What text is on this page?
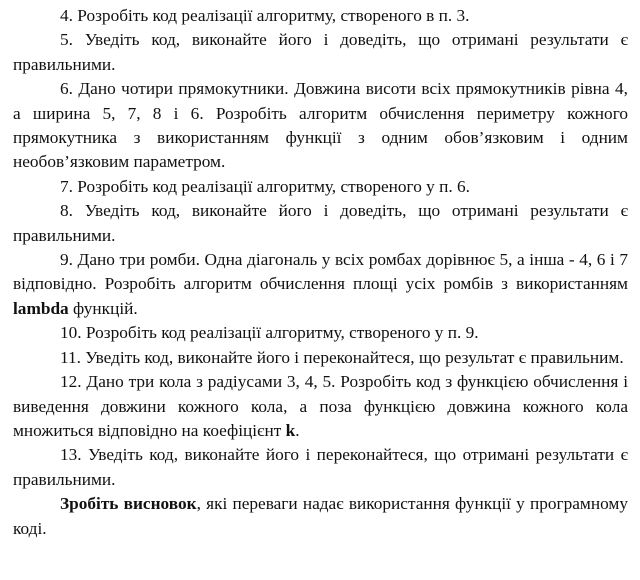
4. Розробіть код реалізації алгоритму, створеного в п. 3.

5. Уведіть код, виконайте його і доведіть, що отримані результати є правильними.

6. Дано чотири прямокутники. Довжина висоти всіх прямокутників рівна 4, а ширина 5, 7, 8 і 6. Розробіть алгоритм обчислення периметру кожного прямокутника з використанням функції з одним обов’язковим і одним необов’язковим параметром.

7. Розробіть код реалізації алгоритму, створеного у п. 6.

8. Уведіть код, виконайте його і доведіть, що отримані результати є правильними.

9. Дано три ромби. Одна діагональ у всіх ромбах дорівнює 5, а інша - 4, 6 і 7 відповідно. Розробіть алгоритм обчислення площі усіх ромбів з використанням lambda функцій.

10. Розробіть код реалізації алгоритму, створеного у п. 9.

11. Уведіть код, виконайте його і переконайтеся, що результат є правильним.

12. Дано три кола з радіусами 3, 4, 5. Розробіть код з функцією обчислення і виведення довжини кожного кола, а поза функцією довжина кожного кола множиться відповідно на коефіцієнт k.

13. Уведіть код, виконайте його і переконайтеся, що отримані результати є правильними.

Зробіть висновок, які переваги надає використання функції у програмному коді.
